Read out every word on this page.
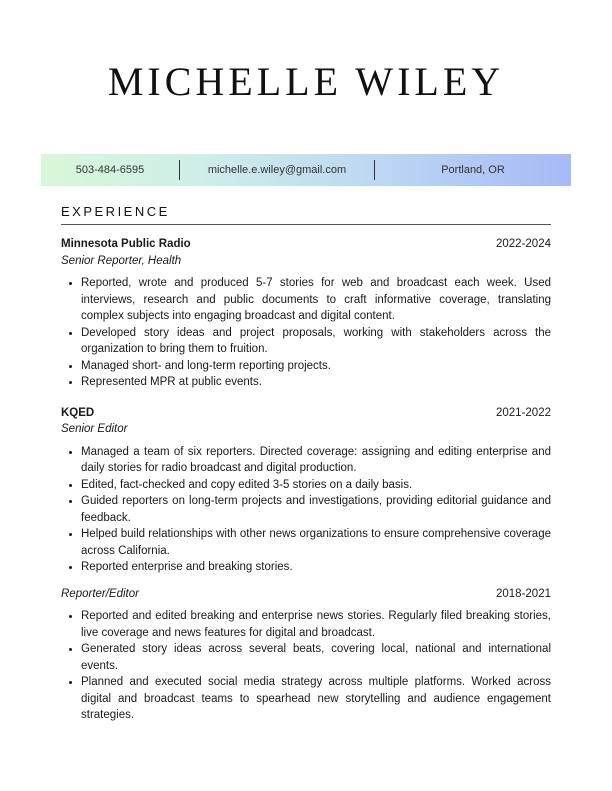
MICHELLE WILEY
503-484-6595	michelle.e.wiley@gmail.com	Portland, OR
EXPERIENCE
Minnesota Public Radio	2022-2024
Senior Reporter, Health
• Reported, wrote and produced 5-7 stories for web and broadcast each week. Used interviews, research and public documents to craft informative coverage, translating complex subjects into engaging broadcast and digital content.
• Developed story ideas and project proposals, working with stakeholders across the organization to bring them to fruition.
• Managed short- and long-term reporting projects.
• Represented MPR at public events.
KQED	2021-2022
Senior Editor
• Managed a team of six reporters. Directed coverage: assigning and editing enterprise and daily stories for radio broadcast and digital production.
• Edited, fact-checked and copy edited 3-5 stories on a daily basis.
• Guided reporters on long-term projects and investigations, providing editorial guidance and feedback.
• Helped build relationships with other news organizations to ensure comprehensive coverage across California.
• Reported enterprise and breaking stories.
Reporter/Editor	2018-2021
• Reported and edited breaking and enterprise news stories. Regularly filed breaking stories, live coverage and news features for digital and broadcast.
• Generated story ideas across several beats, covering local, national and international events.
• Planned and executed social media strategy across multiple platforms. Worked across digital and broadcast teams to spearhead new storytelling and audience engagement strategies.
